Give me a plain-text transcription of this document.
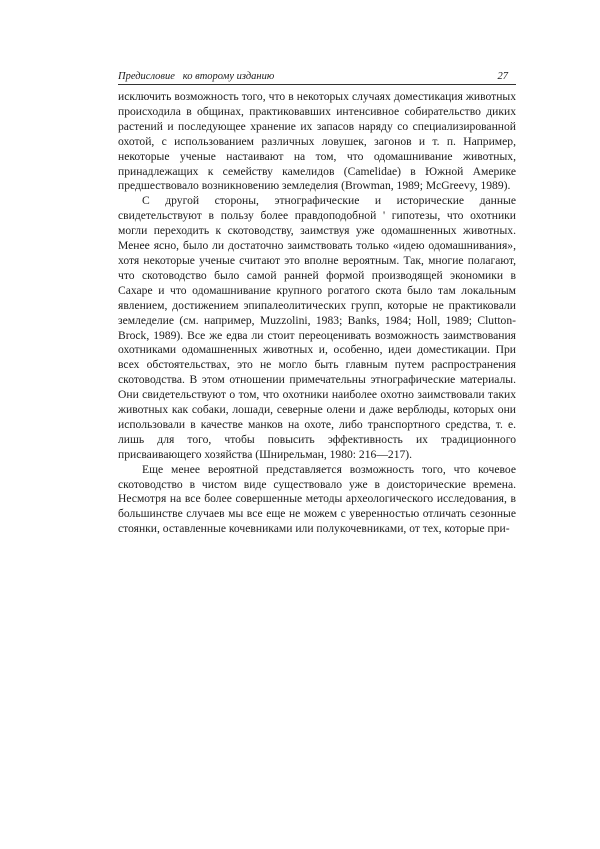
Предисловие   ко второму изданию	27

исключить возможность того, что в некоторых случаях доместикация животных происходила в общинах, практиковавших интенсивное собирательство диких растений и последующее хранение их запасов наряду со специализированной охотой, с использованием различных ловушек, загонов и т. п. Например, некоторые ученые настаивают на том, что одомашнивание животных, принадлежащих к семейству камелидов (Camelidae) в Южной Америке предшествовало возникновению земледелия (Browman, 1989; McGreevy, 1989).

С другой стороны, этнографические и исторические данные свидетельствуют в пользу более правдоподобной ' гипотезы, что охотники могли переходить к скотоводству, заимствуя уже одомашненных животных. Менее ясно, было ли достаточно заимствовать только «идею одомашнивания», хотя некоторые ученые считают это вполне вероятным. Так, многие полагают, что скотоводство было самой ранней формой производящей экономики в Сахаре и что одомашнивание крупного рогатого скота было там локальным явлением, достижением эпипалеолитических групп, которые не практиковали земледелие (см. например, Muzzolini, 1983; Banks, 1984; Holl, 1989; Clutton-Brock, 1989). Все же едва ли стоит переоценивать возможность заимствования охотниками одомашненных животных и, особенно, идеи доместикации. При всех обстоятельствах, это не могло быть главным путем распространения скотоводства. В этом отношении примечательны этнографические материалы. Они свидетельствуют о том, что охотники наиболее охотно заимствовали таких животных как собаки, лошади, северные олени и даже верблюды, которых они использовали в качестве манков на охоте, либо транспортного средства, т. е. лишь для того, чтобы повысить эффективность их традиционного присваивающего хозяйства (Шнирельман, 1980: 216—217).

Еще менее вероятной представляется возможность того, что кочевое скотоводство в чистом виде существовало уже в доисторические времена. Несмотря на все более совершенные методы археологического исследования, в большинстве случаев мы все еще не можем с уверенностью отличать сезонные стоянки, оставленные кочевниками или полукочевниками, от тех, которые при-
